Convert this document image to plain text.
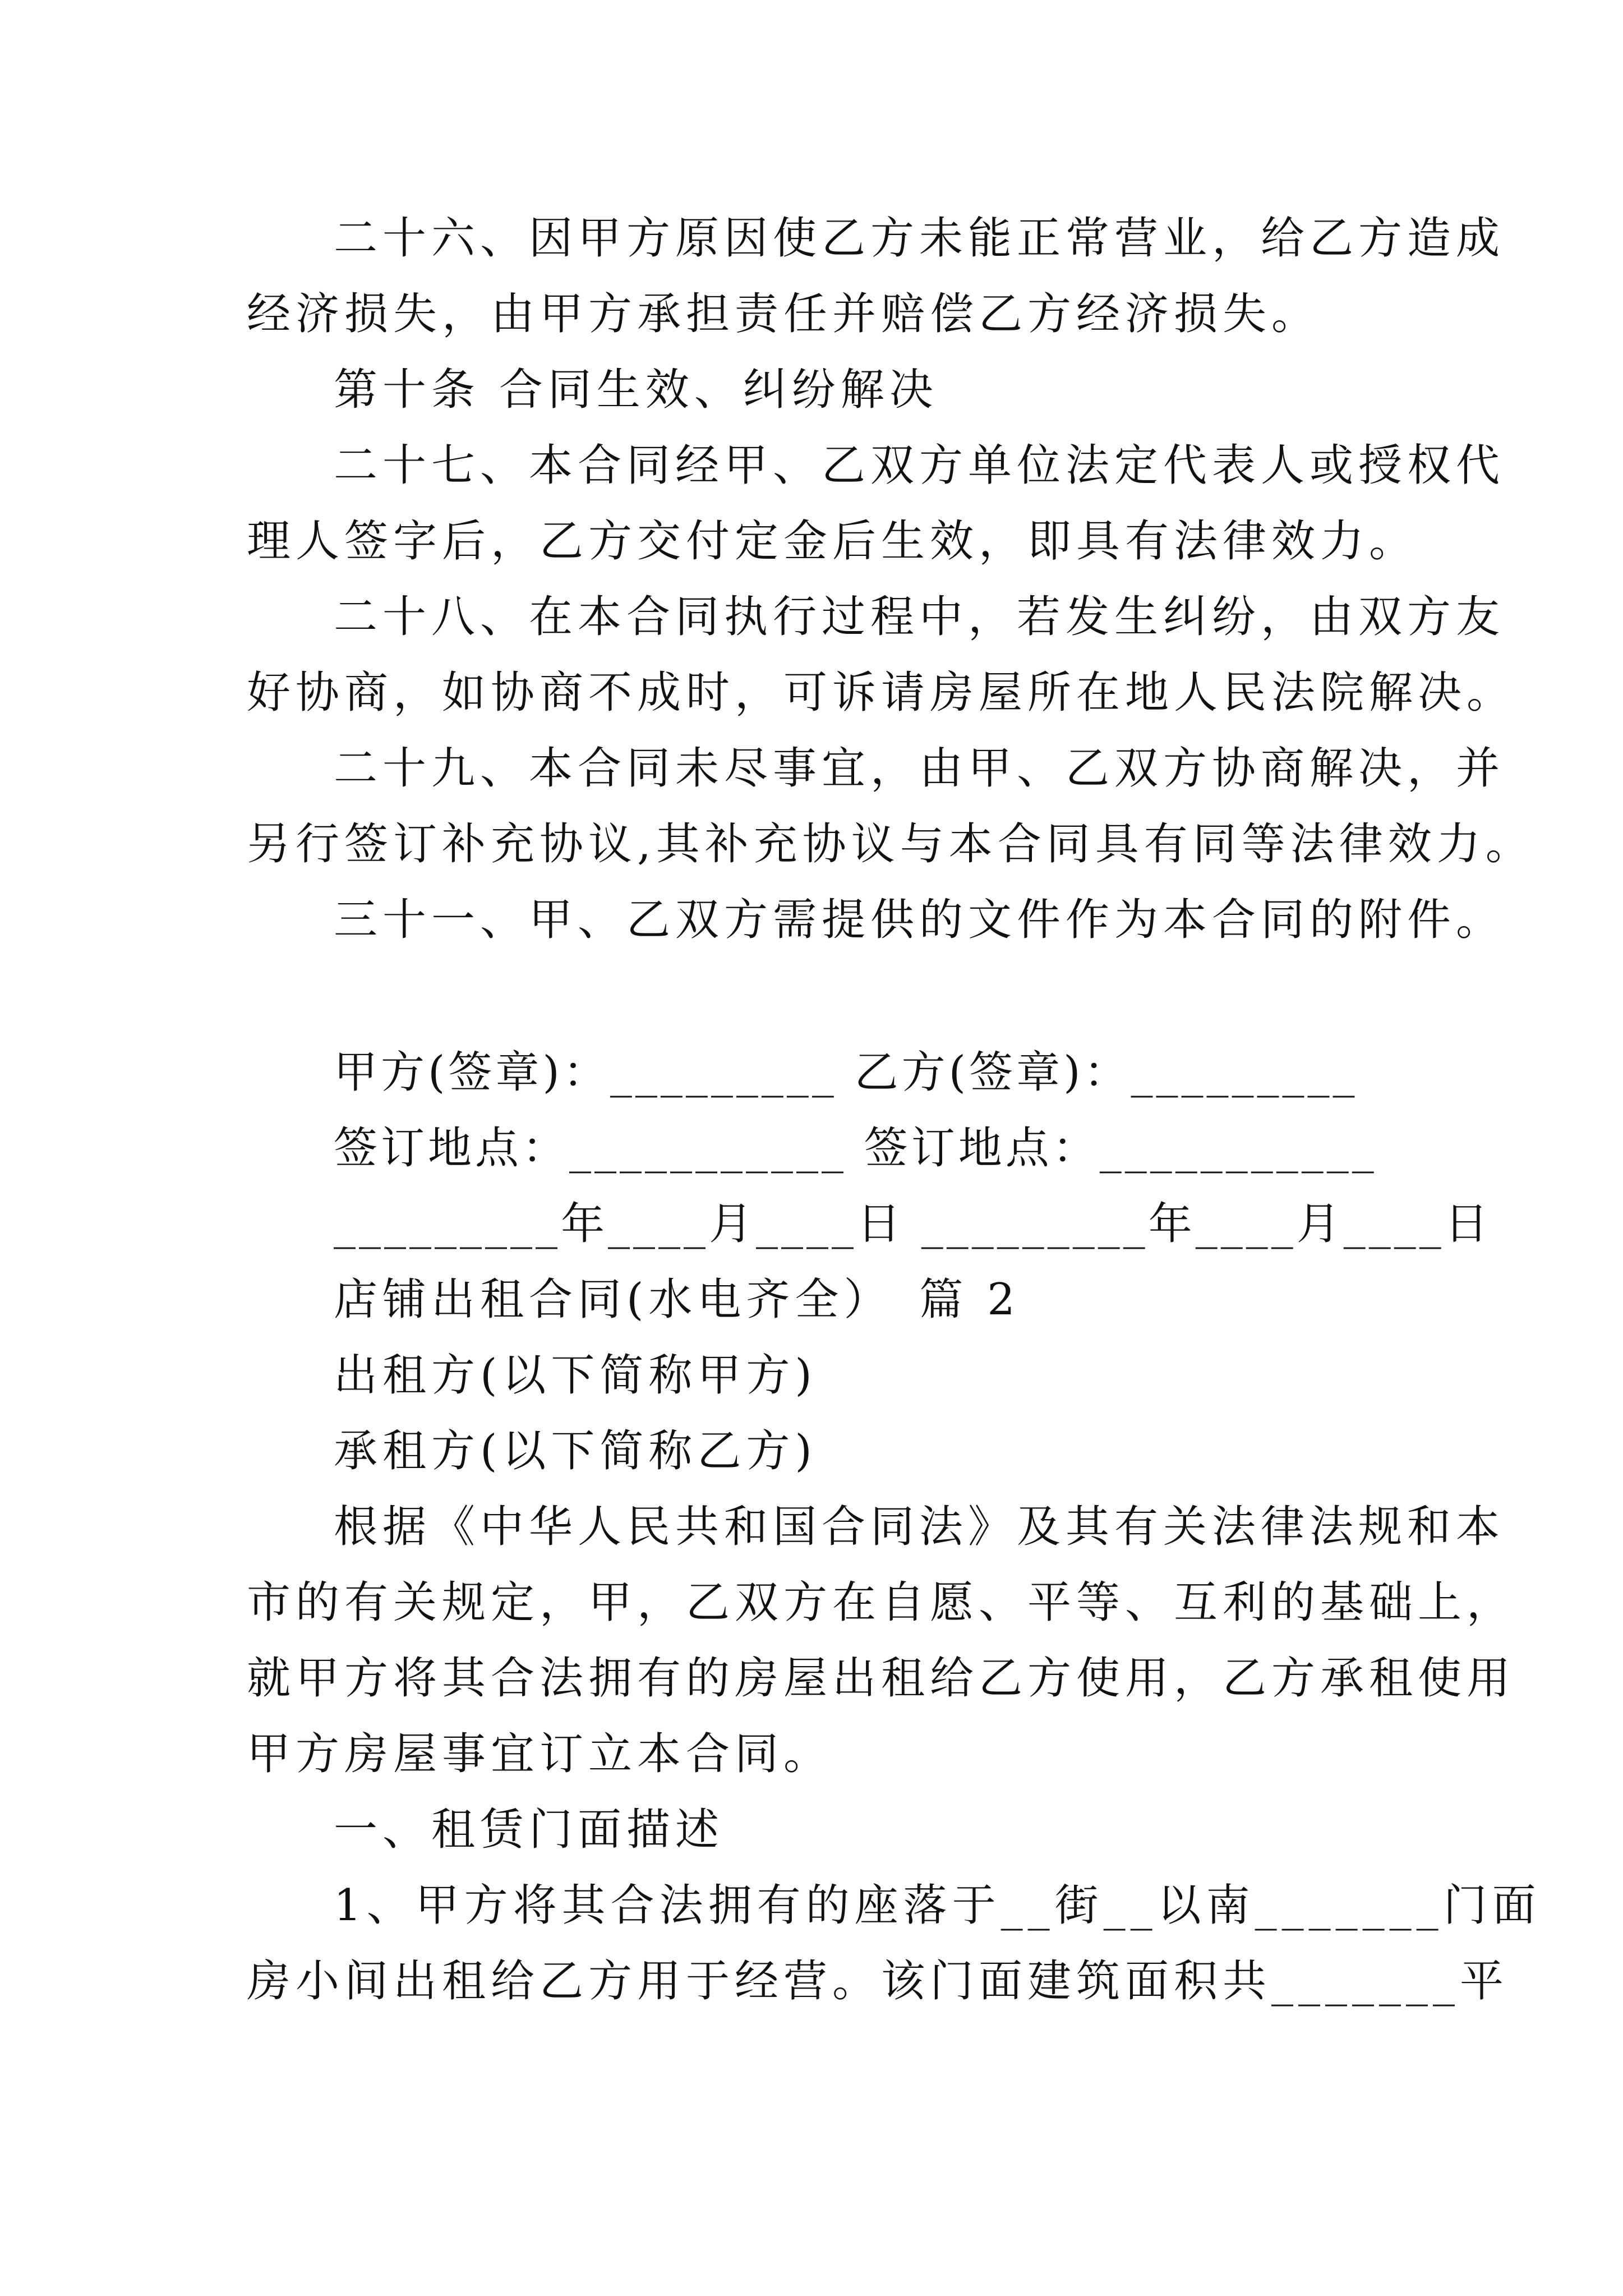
二十六、因甲方原因使乙方未能正常营业，给乙方造成
经济损失，由甲方承担责任并赔偿乙方经济损失。
第十条 合同生效、纠纷解决
二十七、本合同经甲、乙双方单位法定代表人或授权代
理人签字后，乙方交付定金后生效，即具有法律效力。
二十八、在本合同执行过程中，若发生纠纷，由双方友
好协商，如协商不成时，可诉请房屋所在地人民法院解决。
二十九、本合同未尽事宜，由甲、乙双方协商解决，并
另行签订补充协议,其补充协议与本合同具有同等法律效力。
三十一、甲、乙双方需提供的文件作为本合同的附件。
甲方(签章)：_________ 乙方(签章)：_________
签订地点：___________ 签订地点：___________
_________年____月____日 _________年____月____日
店铺出租合同(水电齐全）　篇 2
出租方(以下简称甲方)
承租方(以下简称乙方)
根据《中华人民共和国合同法》及其有关法律法规和本
市的有关规定，甲，乙双方在自愿、平等、互利的基础上，
就甲方将其合法拥有的房屋出租给乙方使用，乙方承租使用
甲方房屋事宜订立本合同。
一、租赁门面描述
1、甲方将其合法拥有的座落于__街__以南_______门面
房小间出租给乙方用于经营。该门面建筑面积共_______平
